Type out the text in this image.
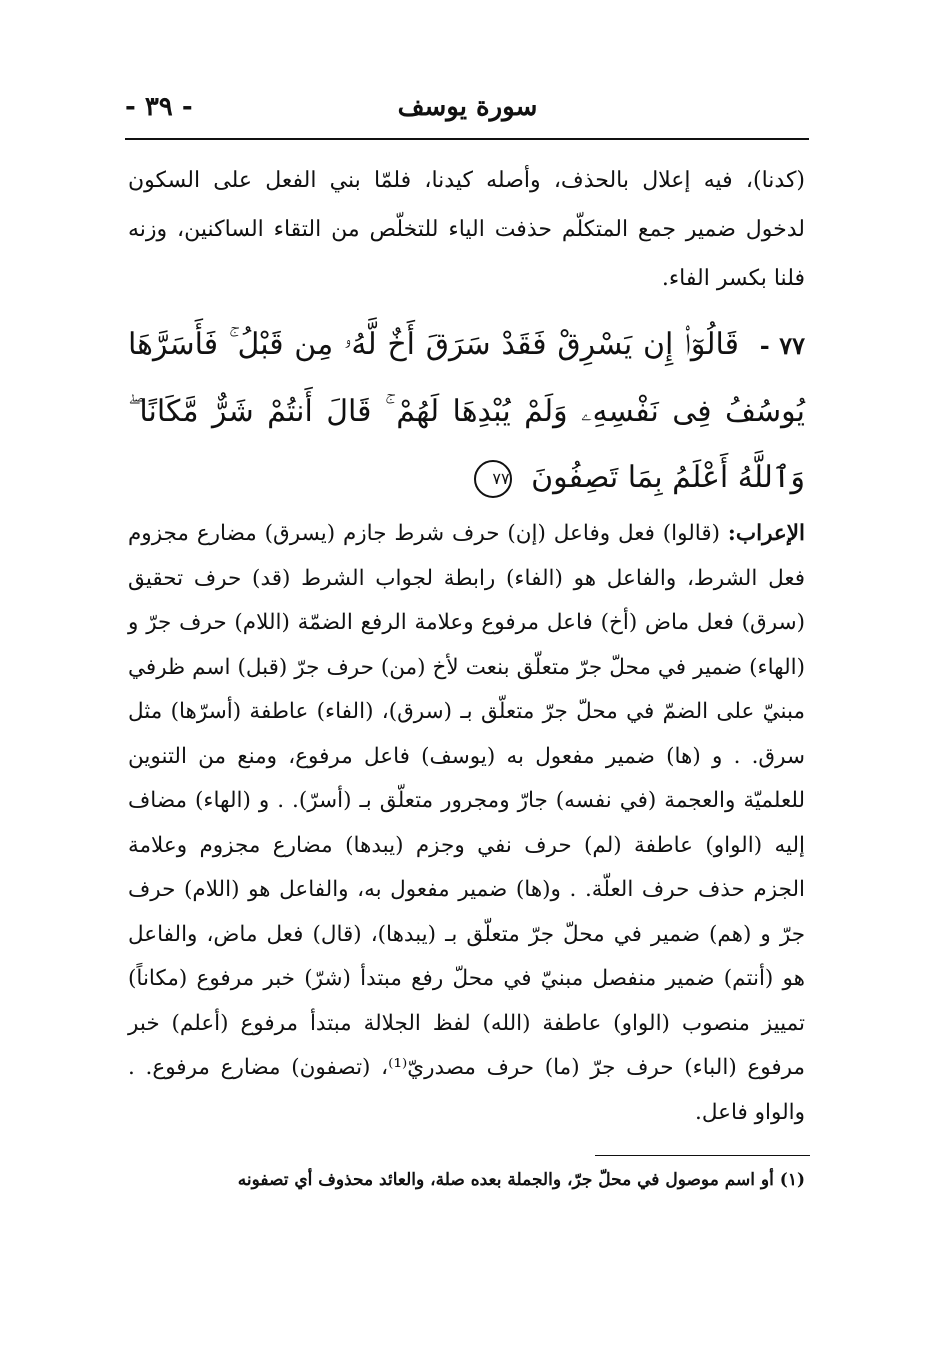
- ٣٩ -	سورة يوسف

(كدنا)، فيه إعلال بالحذف، وأصله كيدنا، فلمّا بني الفعل على السكون لدخول ضمير جمع المتكلّم حذفت الياء للتخلّص من التقاء الساكنين، وزنه فلنا بكسر الفاء.

٧٧ - قَالُوٓا۟ إِن يَسْرِقْ فَقَدْ سَرَقَ أَخٌ لَّهُۥ مِن قَبْلُ ۚ فَأَسَرَّهَا يُوسُفُ فِى نَفْسِهِۦ وَلَمْ يُبْدِهَا لَهُمْ ۚ قَالَ أَنتُمْ شَرٌّ مَّكَانًا ۖ وَٱللَّهُ أَعْلَمُ بِمَا تَصِفُونَ ٧٧

الإعراب: (قالوا) فعل وفاعل (إن) حرف شرط جازم (يسرق) مضارع مجزوم فعل الشرط، والفاعل هو (الفاء) رابطة لجواب الشرط (قد) حرف تحقيق (سرق) فعل ماض (أخ) فاعل مرفوع وعلامة الرفع الضمّة (اللام) حرف جرّ و (الهاء) ضمير في محلّ جرّ متعلّق بنعت لأخ (من) حرف جرّ (قبل) اسم ظرفي مبنيّ على الضمّ في محلّ جرّ متعلّق بـ (سرق)، (الفاء) عاطفة (أسرّها) مثل سرق. . و (ها) ضمير مفعول به (يوسف) فاعل مرفوع، ومنع من التنوين للعلميّة والعجمة (في نفسه) جارّ ومجرور متعلّق بـ (أسرّ). . و (الهاء) مضاف إليه (الواو) عاطفة (لم) حرف نفي وجزم (يبدها) مضارع مجزوم وعلامة الجزم حذف حرف العلّة. . و(ها) ضمير مفعول به، والفاعل هو (اللام) حرف جرّ و (هم) ضمير في محلّ جرّ متعلّق بـ (يبدها)، (قال) فعل ماض، والفاعل هو (أنتم) ضمير منفصل مبنيّ في محلّ رفع مبتدأ (شرّ) خبر مرفوع (مكاناً) تمييز منصوب (الواو) عاطفة (الله) لفظ الجلالة مبتدأ مرفوع (أعلم) خبر مرفوع (الباء) حرف جرّ (ما) حرف مصدريّ⁽¹⁾، (تصفون) مضارع مرفوع. . والواو فاعل.

(١) أو اسم موصول في محلّ جرّ، والجملة بعده صلة، والعائد محذوف أي تصفونه
